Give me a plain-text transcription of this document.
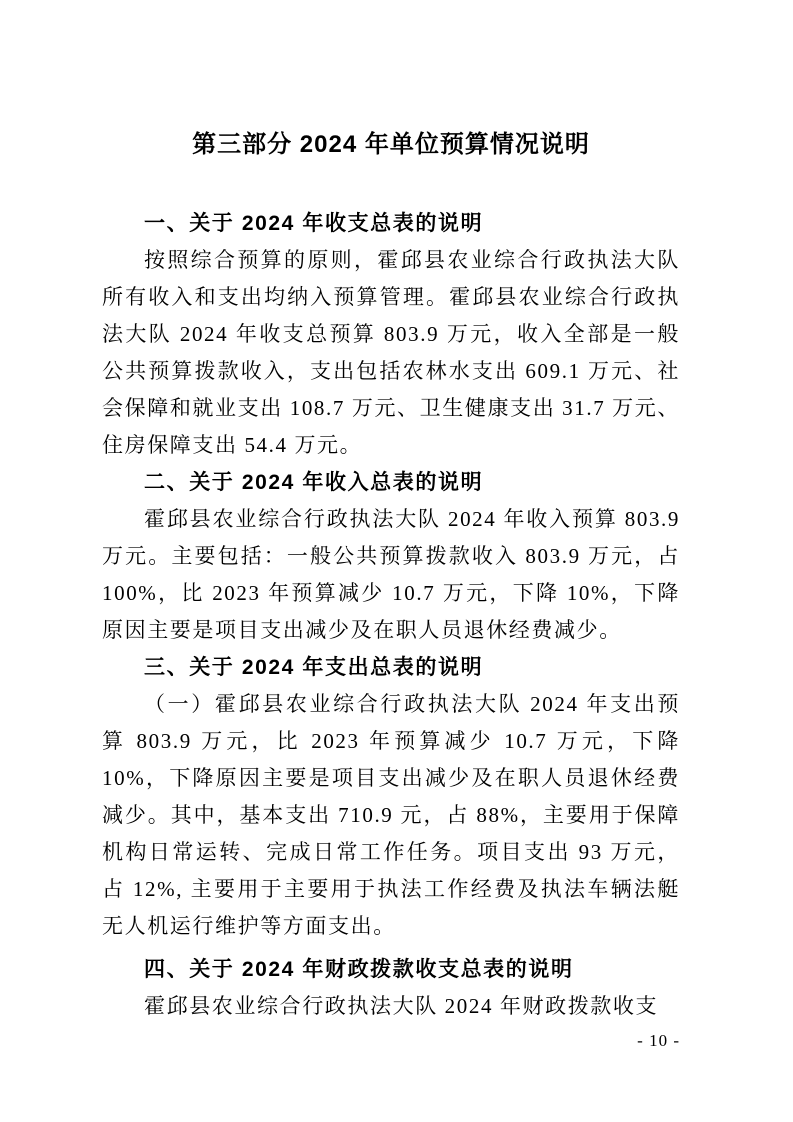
第三部分 2024 年单位预算情况说明
一、关于 2024 年收支总表的说明

按照综合预算的原则，霍邱县农业综合行政执法大队所有收入和支出均纳入预算管理。霍邱县农业综合行政执法大队 2024 年收支总预算 803.9 万元，收入全部是一般公共预算拨款收入，支出包括农林水支出 609.1 万元、社会保障和就业支出 108.7 万元、卫生健康支出 31.7 万元、住房保障支出 54.4 万元。

二、关于 2024 年收入总表的说明

霍邱县农业综合行政执法大队 2024 年收入预算 803.9 万元。主要包括：一般公共预算拨款收入 803.9 万元，占 100%，比 2023 年预算减少 10.7 万元，下降 10%，下降原因主要是项目支出减少及在职人员退休经费减少。

三、关于 2024 年支出总表的说明

（一）霍邱县农业综合行政执法大队 2024 年支出预算 803.9 万元，比 2023 年预算减少 10.7 万元，下降 10%，下降原因主要是项目支出减少及在职人员退休经费减少。其中，基本支出 710.9 元，占 88%，主要用于保障机构日常运转、完成日常工作任务。项目支出 93 万元，占 12%, 主要用于主要用于执法工作经费及执法车辆法艇无人机运行维护等方面支出。

四、关于 2024 年财政拨款收支总表的说明

霍邱县农业综合行政执法大队 2024 年财政拨款收支

- 10 -
